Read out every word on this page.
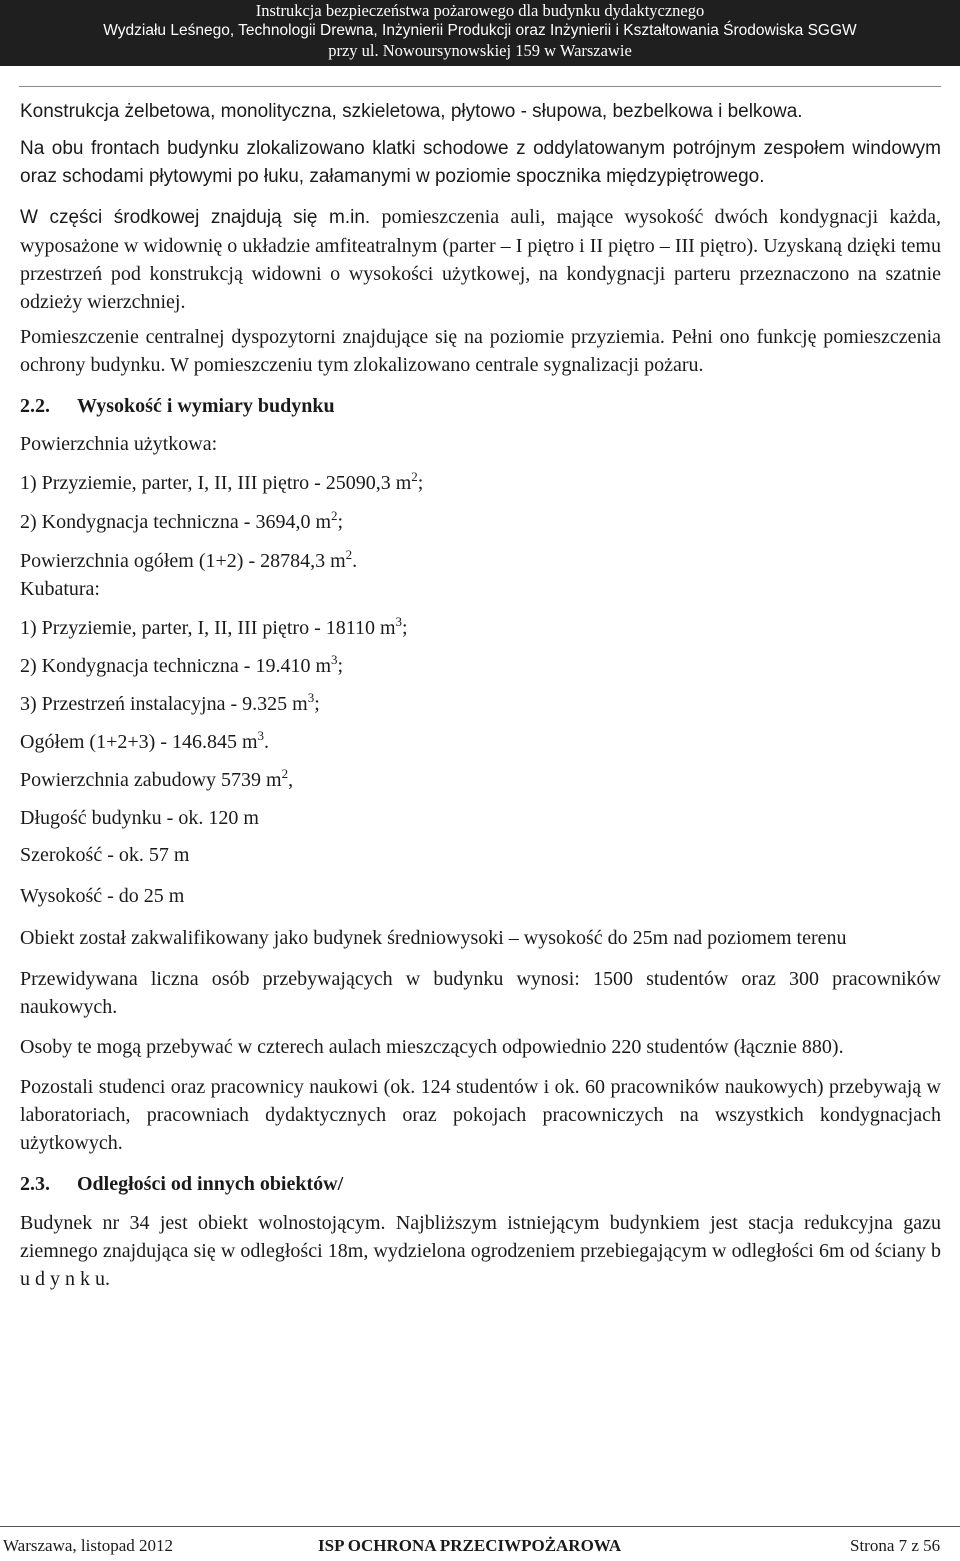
Instrukcja bezpieczeństwa pożarowego dla budynku dydaktycznego
Wydziału Leśnego, Technologii Drewna, Inżynierii Produkcji oraz Inżynierii i Kształtowania Środowiska SGGW
przy ul. Nowoursynowskiej 159 w Warszawie

Konstrukcja żelbetowa, monolityczna, szkieletowa, płytowo - słupowa, bezbelkowa i belkowa.

Na obu frontach budynku zlokalizowano klatki schodowe z oddylatowanym potrójnym zespołem windowym oraz schodami płytowymi po łuku, załamanymi w poziomie spocznika międzypiętrowego.

W części środkowej znajdują się m.in. pomieszczenia auli, mające wysokość dwóch kondygnacji każda, wyposażone w widownię o układzie amfiteatralnym (parter – I piętro i II piętro – III piętro). Uzyskaną dzięki temu przestrzeń pod konstrukcją widowni o wysokości użytkowej, na kondygnacji parteru przeznaczono na szatnie odzieży wierzchniej.

Pomieszczenie centralnej dyspozytorni znajdujące się na poziomie przyziemia. Pełni ono funkcję pomieszczenia ochrony budynku. W pomieszczeniu tym zlokalizowano centrale sygnalizacji pożaru.

2.2. Wysokość i wymiary budynku

Powierzchnia użytkowa:

1) Przyziemie, parter, I, II, III piętro - 25090,3 $m^2$;

2) Kondygnacja techniczna - 3694,0 $m^2$;

Powierzchnia ogółem (1+2) - 28784,3 $m^2$.

Kubatura:

1) Przyziemie, parter, I, II, III piętro - 18110 $m^3$;

2) Kondygnacja techniczna - 19.410 $m^3$;

3) Przestrzeń instalacyjna - 9.325 $m^3$;

Ogółem (1+2+3) - 146.845 $m^3$.

Powierzchnia zabudowy 5739 $m^2$,

Długość budynku - ok. 120 m

Szerokość - ok. 57 m

Wysokość - do 25 m

Obiekt został zakwalifikowany jako budynek średniowysoki – wysokość do 25m nad poziomem terenu

Przewidywana liczna osób przebywających w budynku wynosi: 1500 studentów oraz 300 pracowników naukowych.

Osoby te mogą przebywać w czterech aulach mieszczących odpowiednio 220 studentów (łącznie 880).

Pozostali studenci oraz pracownicy naukowi (ok. 124 studentów i ok. 60 pracowników naukowych) przebywają w laboratoriach, pracowniach dydaktycznych oraz pokojach pracowniczych na wszystkich kondygnacjach użytkowych.

2.3. Odległości od innych obiektów/

Budynek nr 34 jest obiekt wolnostojącym. Najbliższym istniejącym budynkiem jest stacja redukcyjna gazu ziemnego znajdująca się w odległości 18m, wydzielona ogrodzeniem przebiegającym w odległości 6m od ściany b u d y n k u.

Warszawa, listopad 2012	ISP OCHRONA PRZECIWPOŻAROWA	Strona 7 z 56
